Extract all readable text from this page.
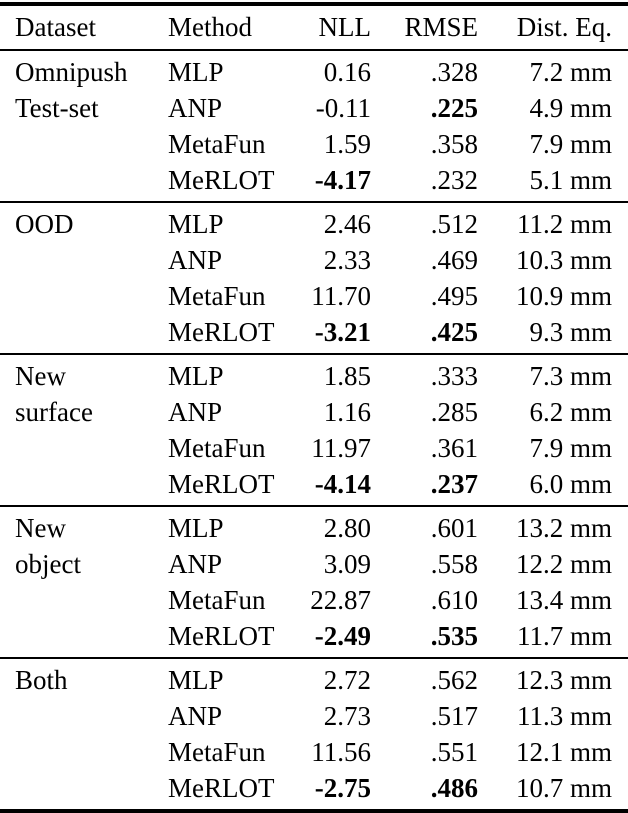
Dataset	Method	NLL	RMSE	Dist. Eq.
Omnipush	MLP	0.16	.328	7.2 mm
Test-set	ANP	-0.11	.225	4.9 mm
	MetaFun	1.59	.358	7.9 mm
	MeRLOT	-4.17	.232	5.1 mm
OOD	MLP	2.46	.512	11.2 mm
	ANP	2.33	.469	10.3 mm
	MetaFun	11.70	.495	10.9 mm
	MeRLOT	-3.21	.425	9.3 mm
New	MLP	1.85	.333	7.3 mm
surface	ANP	1.16	.285	6.2 mm
	MetaFun	11.97	.361	7.9 mm
	MeRLOT	-4.14	.237	6.0 mm
New	MLP	2.80	.601	13.2 mm
object	ANP	3.09	.558	12.2 mm
	MetaFun	22.87	.610	13.4 mm
	MeRLOT	-2.49	.535	11.7 mm
Both	MLP	2.72	.562	12.3 mm
	ANP	2.73	.517	11.3 mm
	MetaFun	11.56	.551	12.1 mm
	MeRLOT	-2.75	.486	10.7 mm
